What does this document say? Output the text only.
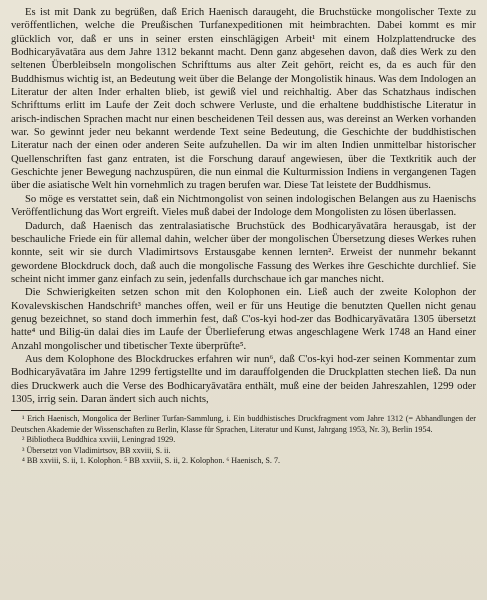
Es ist mit Dank zu begrüßen, daß Erich Haenisch daraugeht, die Bruchstücke mongolischer Texte zu veröffentlichen, welche die Preußischen Turfanexpeditionen mit heimbrachten. Dabei kommt es mir glücklich vor, daß er uns in seiner ersten einschlägigen Arbeit¹ mit einem Holzplattendrucke des Bodhicaryāvatāra aus dem Jahre 1312 bekannt macht. Denn ganz abgesehen davon, daß dies Werk zu den seltenen Überbleibseln mongolischen Schrifttums aus alter Zeit gehört, reicht es, da es auch für den Buddhismus wichtig ist, an Bedeutung weit über die Belange der Mongolistik hinaus. Was dem Indologen an Literatur der alten Inder erhalten blieb, ist gewiß viel und reichhaltig. Aber das Schatzhaus indischen Schrifttums erlitt im Laufe der Zeit doch schwere Verluste, und die erhaltene buddhistische Literatur in arisch-indischen Sprachen macht nur einen bescheidenen Teil dessen aus, was dereinst an Werken vorhanden war. So gewinnt jeder neu bekannt werdende Text seine Bedeutung, die Geschichte der buddhistischen Literatur nach der einen oder anderen Seite aufzuhellen. Da wir im alten Indien unmittelbar historischer Quellenschriften fast ganz entraten, ist die Forschung darauf angewiesen, über die Textkritik auch der Geschichte jener Bewegung nachzuspüren, die nun einmal die Kulturmission Indiens in vergangenen Tagen über die asiatische Welt hin vornehmlich zu tragen berufen war. Diese Tat leistete der Buddhismus.

So möge es verstattet sein, daß ein Nichtmongolist von seinen indologischen Belangen aus zu Haenischs Veröffentlichung das Wort ergreift. Vieles muß dabei der Indologe dem Mongolisten zu lösen überlassen.

Dadurch, daß Haenisch das zentralasiatische Bruchstück des Bodhicaryāvatāra herausgab, ist der beschauliche Friede ein für allemal dahin, welcher über der mongolischen Übersetzung dieses Werkes ruhen konnte, seit wir sie durch Vladimirtsovs Erstausgabe kennen lernten². Erweist der nunmehr bekannt gewordene Blockdruck doch, daß auch die mongolische Fassung des Werkes ihre Geschichte durchlief. Sie scheint nicht immer ganz einfach zu sein, jedenfalls durchschaue ich gar manches nicht.

Die Schwierigkeiten setzen schon mit den Kolophonen ein. Ließ auch der zweite Kolophon der Kovalevskischen Handschrift³ manches offen, weil er für uns Heutige die benutzten Quellen nicht genau genug bezeichnet, so stand doch immerhin fest, daß C'os-kyi hod-zer das Bodhicaryāvatāra 1305 übersetzt hatte⁴ und Bilig-ün dalai dies im Laufe der Überlieferung etwas angeschlagene Werk 1748 an Hand einer Anzahl mongolischer und tibetischer Texte überprüfte⁵.

Aus dem Kolophone des Blockdruckes erfahren wir nun⁶, daß C'os-kyi hod-zer seinen Kommentar zum Bodhicaryāvatāra im Jahre 1299 fertigstellte und im darauffolgenden die Druckplatten stechen ließ. Da nun dies Druckwerk auch die Verse des Bodhicaryāvatāra enthält, muß eine der beiden Jahreszahlen, 1299 oder 1305, irrig sein. Daran ändert sich auch nichts,

¹ Erich Haenisch, Mongolica der Berliner Turfan-Sammlung, i. Ein buddhistisches Druckfragment vom Jahre 1312 (= Abhandlungen der Deutschen Akademie der Wissenschaften zu Berlin, Klasse für Sprachen, Literatur und Kunst, Jahrgang 1953, Nr. 3), Berlin 1954.

² Bibliotheca Buddhica xxviii, Leningrad 1929.

³ Übersetzt von Vladimirtsov, BB xxviii, S. ii.

⁴ BB xxviii, S. ii, 1. Kolophon. ⁵ BB xxviii, S. ii, 2. Kolophon. ⁶ Haenisch, S. 7.
